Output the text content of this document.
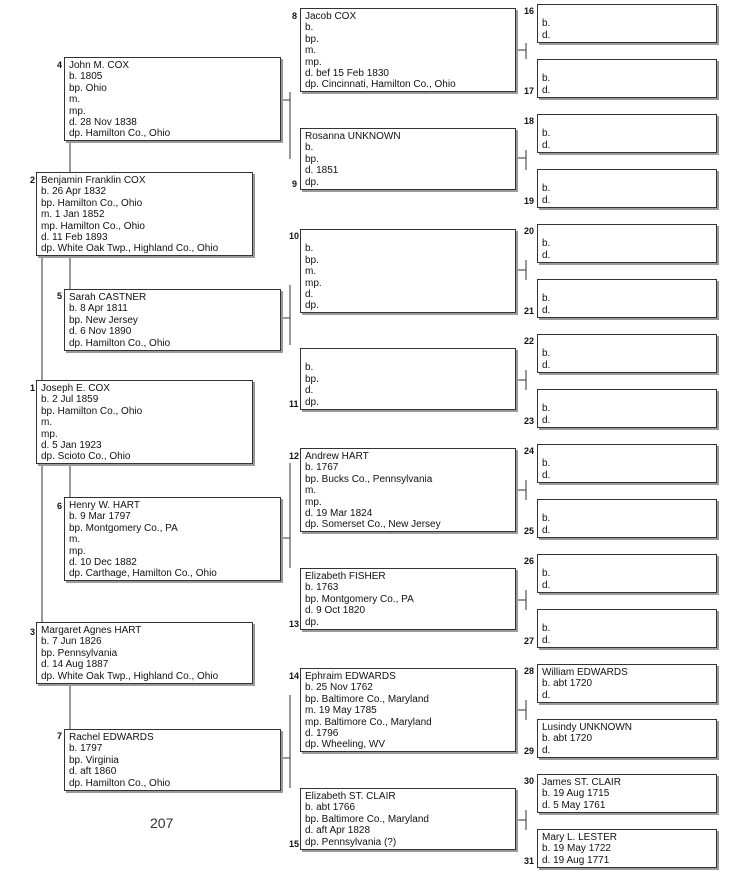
1 Joseph E. COX
b. 2 Jul 1859
bp. Hamilton Co., Ohio
m.
mp.
d. 5 Jan 1923
dp. Scioto Co., Ohio
2 Benjamin Franklin COX
b. 26 Apr 1832
bp. Hamilton Co., Ohio
m. 1 Jan 1852
mp. Hamilton Co., Ohio
d. 11 Feb 1893
dp. White Oak Twp., Highland Co., Ohio
3 Margaret Agnes HART
b. 7 Jun 1826
bp. Pennsylvania
d. 14 Aug 1887
dp. White Oak Twp., Highland Co., Ohio
4 John M. COX
b. 1805
bp. Ohio
m.
mp.
d. 28 Nov 1838
dp. Hamilton Co., Ohio
5 Sarah CASTNER
b. 8 Apr 1811
bp. New Jersey
d. 6 Nov 1890
dp. Hamilton Co., Ohio
6 Henry W. HART
b. 9 Mar 1797
bp. Montgomery Co., PA
m.
mp.
d. 10 Dec 1882
dp. Carthage, Hamilton Co., Ohio
7 Rachel EDWARDS
b. 1797
bp. Virginia
d. aft 1860
dp. Hamilton Co., Ohio
8 Jacob COX
b.
bp.
m.
mp.
d. bef 15 Feb 1830
dp. Cincinnati, Hamilton Co., Ohio
9
Rosanna UNKNOWN
b.
bp.
d. 1851
dp.
10
b.
bp.
m.
mp.
d.
dp.
11
b.
bp.
d.
dp.
12 Andrew HART
b. 1767
bp. Bucks Co., Pennsylvania
m.
mp.
d. 19 Mar 1824
dp. Somerset Co., New Jersey
13
Elizabeth FISHER
b. 1763
bp. Montgomery Co., PA
d. 9 Oct 1820
dp.
14 Ephraim EDWARDS
b. 25 Nov 1762
bp. Baltimore Co., Maryland
m. 19 May 1785
mp. Baltimore Co., Maryland
d. 1796
dp. Wheeling, WV
15
Elizabeth ST. CLAIR
b. abt 1766
bp. Baltimore Co., Maryland
d. aft Apr 1828
dp. Pennsylvania (?)
16
b.
d.
17
b.
d.
18
b.
d.
19
b.
d.
20
b.
d.
21
b.
d.
22
b.
d.
23
b.
d.
24
b.
d.
25
b.
d.
26
b.
d.
27
b.
d.
28 William EDWARDS
b. abt 1720
d.
29
Lusindy UNKNOWN
b. abt 1720
d.
30 James ST. CLAIR
b. 19 Aug 1715
d. 5 May 1761
31
Mary L. LESTER
b. 19 May 1722
d. 19 Aug 1771
207
